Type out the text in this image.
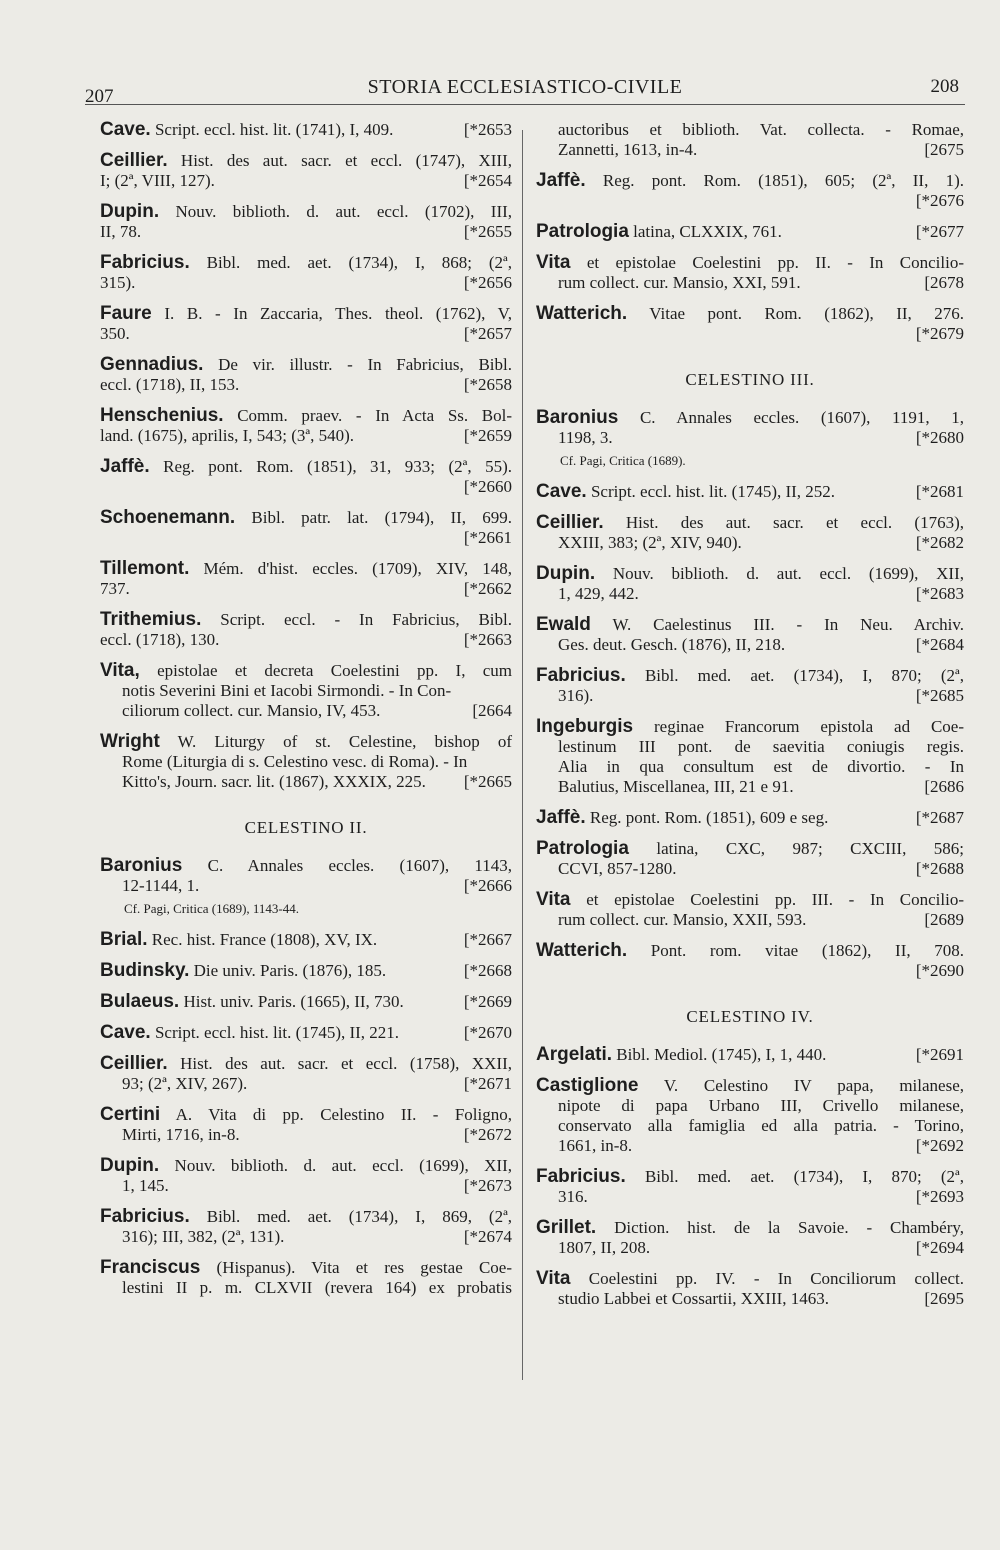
207	STORIA ECCLESIASTICO-CIVILE	208
Cave. Script. eccl. hist. lit. (1741), I, 409.	[*2653
Ceillier. Hist. des aut. sacr. et eccl. (1747), XIII,
I; (2ª, VIII, 127).	[*2654
Dupin. Nouv. biblioth. d. aut. eccl. (1702), III,
II, 78.	[*2655
Fabricius. Bibl. med. aet. (1734), I, 868; (2ª,
315).	[*2656
Faure I. B. - In Zaccaria, Thes. theol. (1762), V,
350.	[*2657
Gennadius. De vir. illustr. - In Fabricius, Bibl.
eccl. (1718), II, 153.	[*2658
Henschenius. Comm. praev. - In Acta Ss. Bol-
land. (1675), aprilis, I, 543; (3ª, 540).	[*2659
Jaffè. Reg. pont. Rom. (1851), 31, 933; (2ª, 55).
[*2660
Schoenemann. Bibl. patr. lat. (1794), II, 699.
[*2661
Tillemont. Mém. d'hist. eccles. (1709), XIV, 148,
737.	[*2662
Trithemius. Script. eccl. - In Fabricius, Bibl.
eccl. (1718), 130.	[*2663
Vita, epistolae et decreta Coelestini pp. I, cum
notis Severini Bini et Iacobi Sirmondi. - In Con-
ciliorum collect. cur. Mansio, IV, 453.	[2664
Wright W. Liturgy of st. Celestine, bishop of
Rome (Liturgia di s. Celestino vesc. di Roma). - In
Kitto's, Journ. sacr. lit. (1867), XXXIX, 225. [*2665
CELESTINO II.
Baronius C. Annales eccles. (1607), 1143,
12-1144, 1.	[*2666
Cf. Pagi, Critica (1689), 1143-44.
Brial. Rec. hist. France (1808), XV, IX.	[*2667
Budinsky. Die univ. Paris. (1876), 185.	[*2668
Bulaeus. Hist. univ. Paris. (1665), II, 730.	[*2669
Cave. Script. eccl. hist. lit. (1745), II, 221.	[*2670
Ceillier. Hist. des aut. sacr. et eccl. (1758), XXII,
93; (2ª, XIV, 267).	[*2671
Certini A. Vita di pp. Celestino II. - Foligno,
Mirti, 1716, in-8.	[*2672
Dupin. Nouv. biblioth. d. aut. eccl. (1699), XII,
1, 145.	[*2673
Fabricius. Bibl. med. aet. (1734), I, 869, (2ª,
316); III, 382, (2ª, 131).	[*2674
Franciscus (Hispanus). Vita et res gestae Coe-
lestini II p. m. CLXVII (revera 164) ex probatis
auctoribus et biblioth. Vat. collecta. - Romae,
Zannetti, 1613, in-4.	[2675
Jaffè. Reg. pont. Rom. (1851), 605; (2ª, II, 1).
[*2676
Patrologia latina, CLXXIX, 761.	[*2677
Vita et epistolae Coelestini pp. II. - In Concilio-
rum collect. cur. Mansio, XXI, 591.	[2678
Watterich. Vitae pont. Rom. (1862), II, 276.
[*2679
CELESTINO III.
Baronius C. Annales eccles. (1607), 1191, 1,
1198, 3.	[*2680
Cf. Pagi, Critica (1689).
Cave. Script. eccl. hist. lit. (1745), II, 252.	[*2681
Ceillier. Hist. des aut. sacr. et eccl. (1763),
XXIII, 383; (2ª, XIV, 940).	[*2682
Dupin. Nouv. biblioth. d. aut. eccl. (1699), XII,
1, 429, 442.	[*2683
Ewald W. Caelestinus III. - In Neu. Archiv.
Ges. deut. Gesch. (1876), II, 218.	[*2684
Fabricius. Bibl. med. aet. (1734), I, 870; (2ª,
316).	[*2685
Ingeburgis reginae Francorum epistola ad Coe-
lestinum III pont. de saevitia coniugis regis.
Alia in qua consultum est de divortio. - In
Balutius, Miscellanea, III, 21 e 91.	[2686
Jaffè. Reg. pont. Rom. (1851), 609 e seg.	[*2687
Patrologia latina, CXC, 987; CXCIII, 586;
CCVI, 857-1280.	[*2688
Vita et epistolae Coelestini pp. III. - In Concilio-
rum collect. cur. Mansio, XXII, 593.	[2689
Watterich. Pont. rom. vitae (1862), II, 708.
[*2690
CELESTINO IV.
Argelati. Bibl. Mediol. (1745), I, 1, 440.	[*2691
Castiglione V. Celestino IV papa, milanese,
nipote di papa Urbano III, Crivello milanese,
conservato alla famiglia ed alla patria. - Torino,
1661, in-8.	[*2692
Fabricius. Bibl. med. aet. (1734), I, 870; (2ª,
316.	[*2693
Grillet. Diction. hist. de la Savoie. - Chambéry,
1807, II, 208.	[*2694
Vita Coelestini pp. IV. - In Conciliorum collect.
studio Labbei et Cossartii, XXIII, 1463.	[2695
